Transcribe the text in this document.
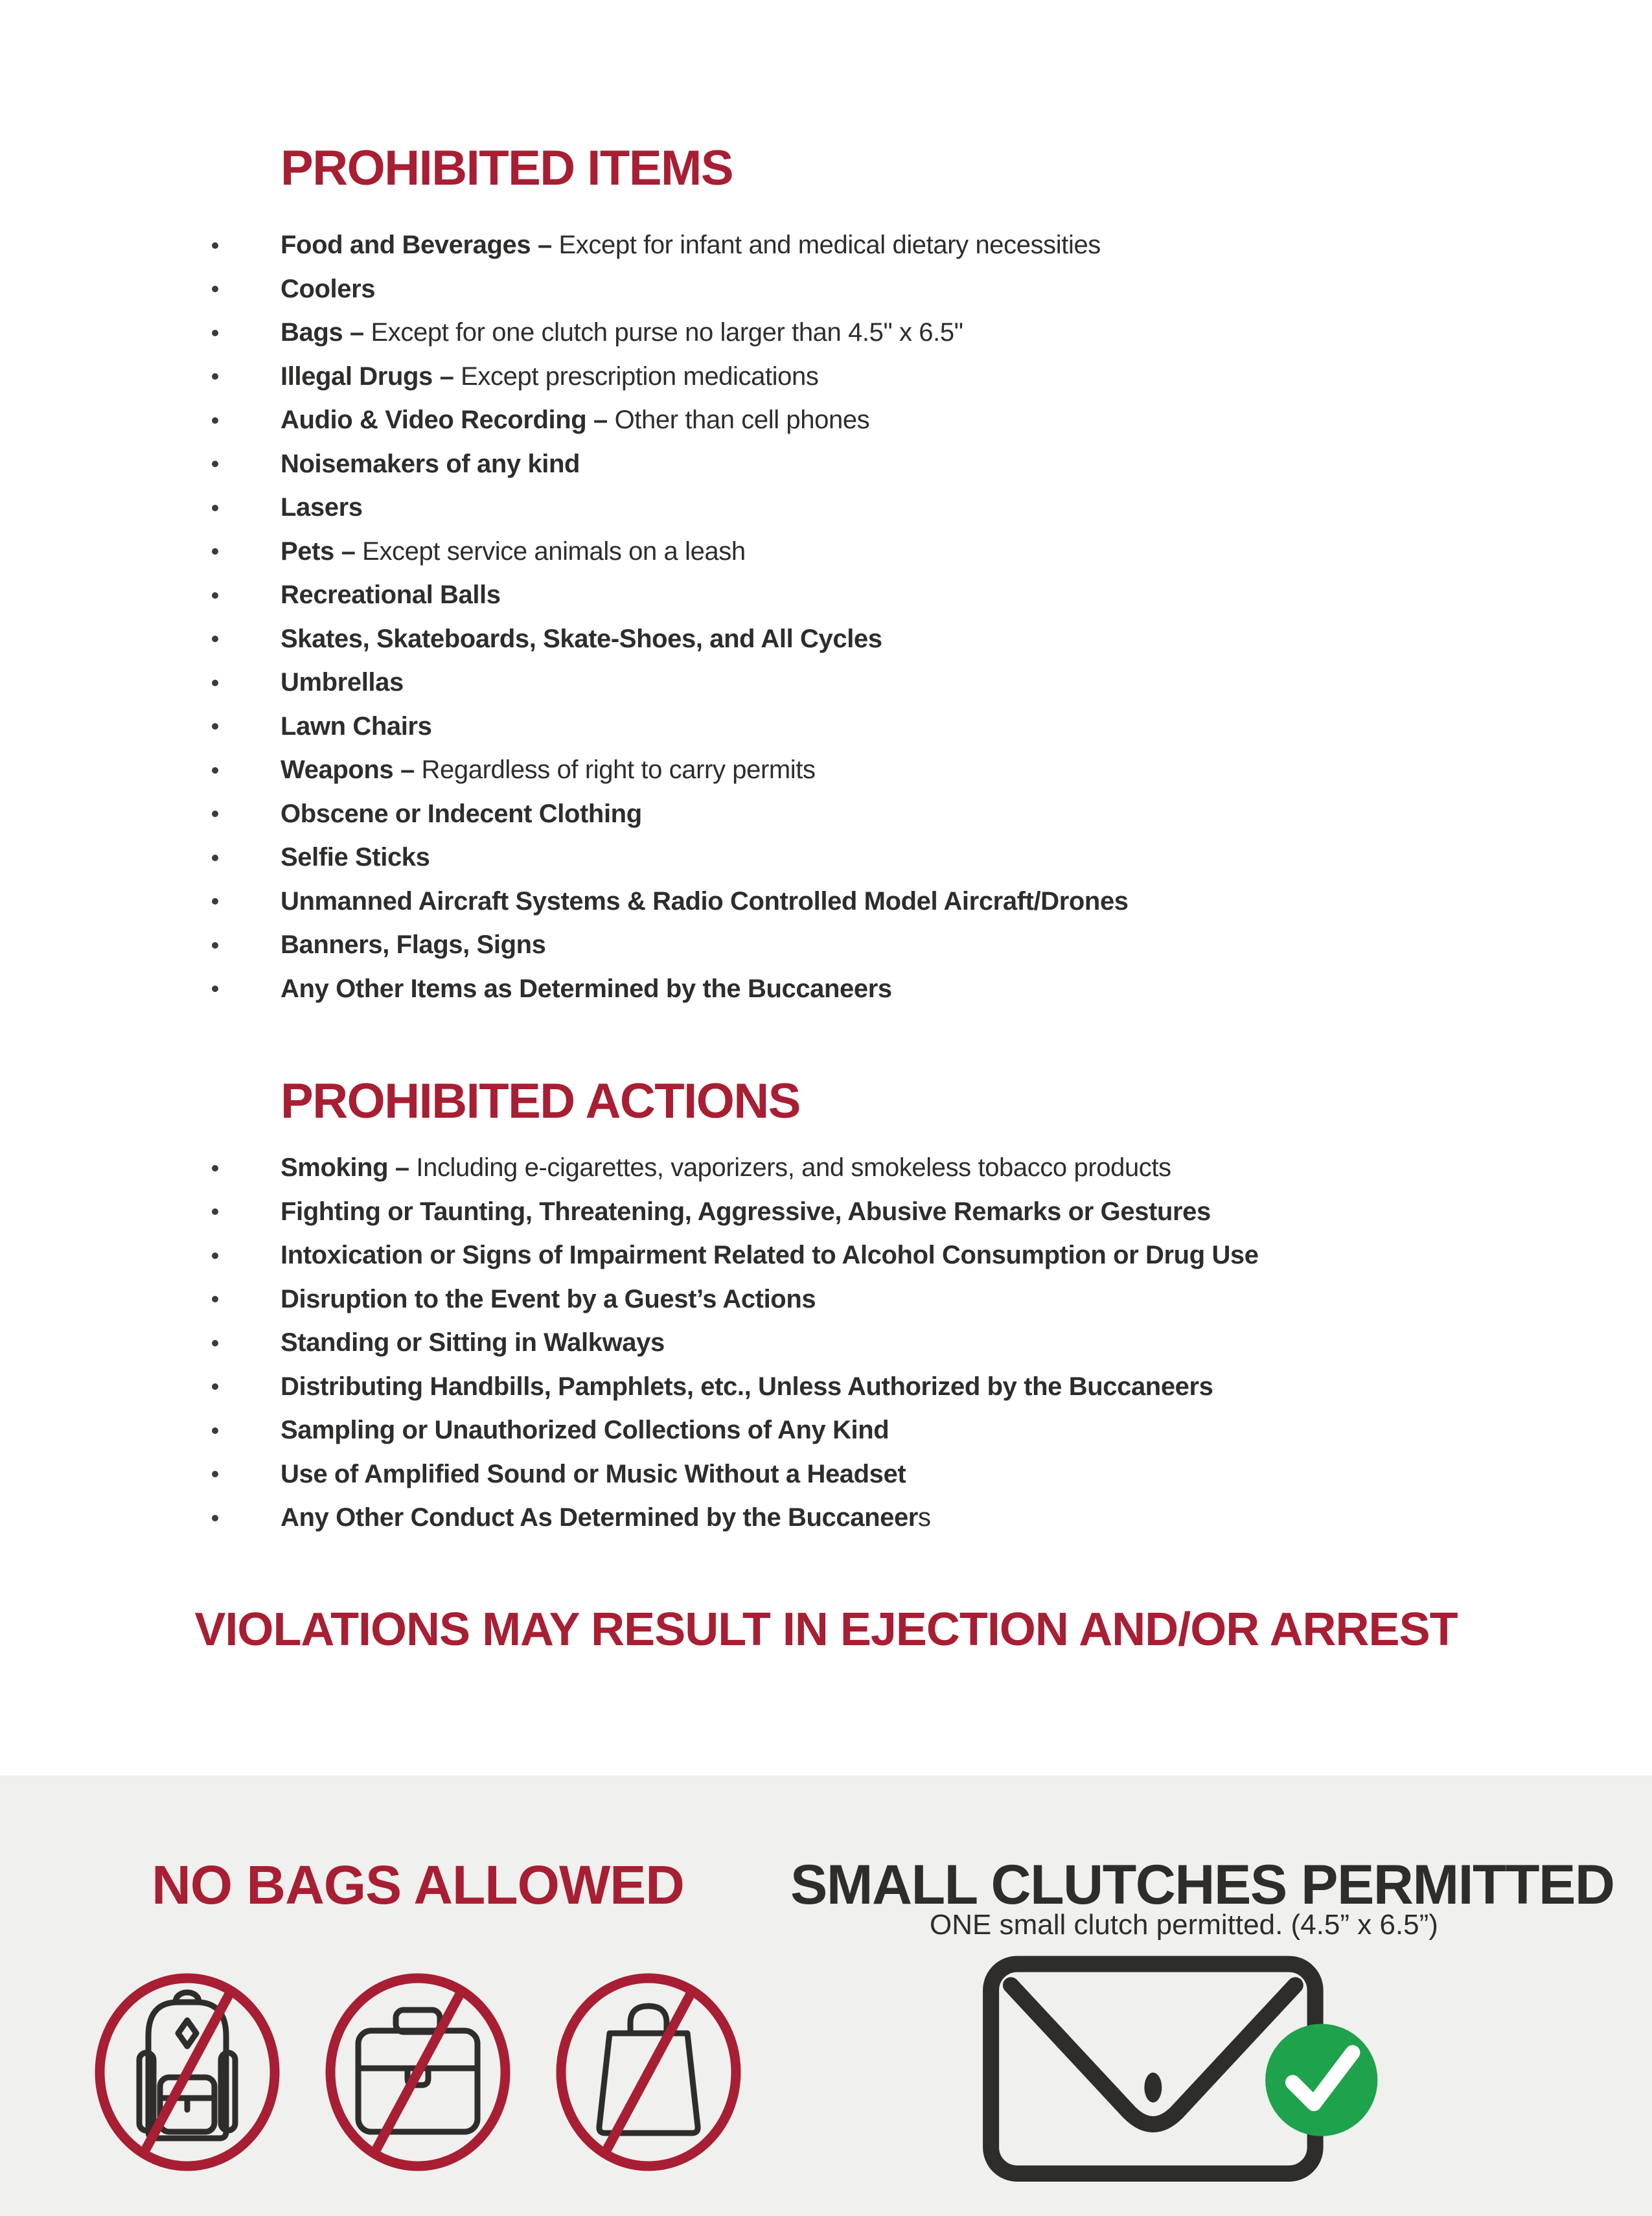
PROHIBITED ITEMS
Food and Beverages – Except for infant and medical dietary necessities
Coolers
Bags – Except for one clutch purse no larger than 4.5" x 6.5"
Illegal Drugs – Except prescription medications
Audio & Video Recording – Other than cell phones
Noisemakers of any kind
Lasers
Pets – Except service animals on a leash
Recreational Balls
Skates, Skateboards, Skate-Shoes, and All Cycles
Umbrellas
Lawn Chairs
Weapons – Regardless of right to carry permits
Obscene or Indecent Clothing
Selfie Sticks
Unmanned Aircraft Systems & Radio Controlled Model Aircraft/Drones
Banners, Flags, Signs
Any Other Items as Determined by the Buccaneers
PROHIBITED ACTIONS
Smoking – Including e-cigarettes, vaporizers, and smokeless tobacco products
Fighting or Taunting, Threatening, Aggressive, Abusive Remarks or Gestures
Intoxication or Signs of Impairment Related to Alcohol Consumption or Drug Use
Disruption to the Event by a Guest’s Actions
Standing or Sitting in Walkways
Distributing Handbills, Pamphlets, etc., Unless Authorized by the Buccaneers
Sampling or Unauthorized Collections of Any Kind
Use of Amplified Sound or Music Without a Headset
Any Other Conduct As Determined by the Buccaneers

VIOLATIONS MAY RESULT IN EJECTION AND/OR ARREST

NO BAGS ALLOWED	SMALL CLUTCHES PERMITTED

ONE small clutch permitted. (4.5” x 6.5”)
